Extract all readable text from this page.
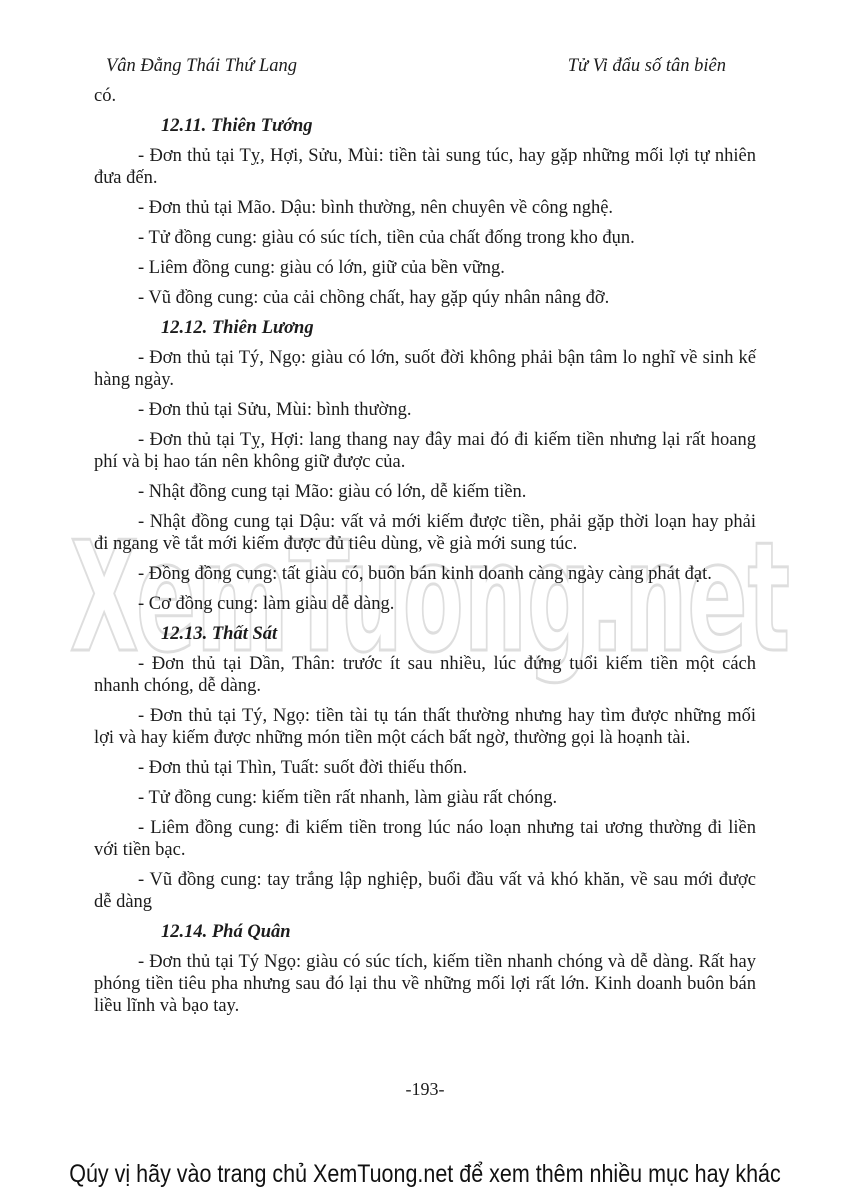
Vân Đằng Thái Thứ Lang	Tử Vi đẩu số tân biên

có.

12.11. Thiên Tướng

- Đơn thủ tại Tỵ, Hợi, Sửu, Mùi: tiền tài sung túc, hay gặp những mối lợi tự nhiên đưa đến.

- Đơn thủ tại Mão. Dậu: bình thường, nên chuyên về công nghệ.

- Tử đồng cung: giàu có súc tích, tiền của chất đống trong kho đụn.

- Liêm đồng cung: giàu có lớn, giữ của bền vững.

- Vũ đồng cung: của cải chồng chất, hay gặp qúy nhân nâng đỡ.

12.12. Thiên Lương

- Đơn thủ tại Tý, Ngọ: giàu có lớn, suốt đời không phải bận tâm lo nghĩ về sinh kế hàng ngày.

- Đơn thủ tại Sửu, Mùi: bình thường.

- Đơn thủ tại Tỵ, Hợi: lang thang nay đây mai đó đi kiếm tiền nhưng lại rất hoang phí và bị hao tán nên không giữ được của.

- Nhật đồng cung tại Mão: giàu có lớn, dễ kiếm tiền.

- Nhật đồng cung tại Dậu: vất vả mới kiếm được tiền, phải gặp thời loạn hay phải đi ngang về tắt mới kiếm được đủ tiêu dùng, về già mới sung túc.

- Đồng đồng cung: tất giàu có, buôn bán kinh doanh càng ngày càng phát đạt.

- Cơ đồng cung: làm giàu dễ dàng.

12.13. Thất Sát

- Đơn thủ tại Dần, Thân: trước ít sau nhiều, lúc đứng tuổi kiếm tiền một cách nhanh chóng, dễ dàng.

- Đơn thủ tại Tý, Ngọ: tiền tài tụ tán thất thường nhưng hay tìm được những mối lợi và hay kiếm được những món tiền một cách bất ngờ, thường gọi là hoạnh tài.

- Đơn thủ tại Thìn, Tuất: suốt đời thiếu thốn.

- Tử đồng cung: kiếm tiền rất nhanh, làm giàu rất chóng.

- Liêm đồng cung: đi kiếm tiền trong lúc náo loạn nhưng tai ương thường đi liền với tiền bạc.

- Vũ đồng cung: tay trắng lập nghiệp, buổi đầu vất vả khó khăn, về sau mới được dễ dàng

12.14. Phá Quân

- Đơn thủ tại Tý Ngọ: giàu có súc tích, kiếm tiền nhanh chóng và dễ dàng. Rất hay phóng tiền tiêu pha nhưng sau đó lại thu về những mối lợi rất lớn. Kinh doanh buôn bán liều lĩnh và bạo tay.

-193-
XemTuong.net
Qúy vị hãy vào trang chủ XemTuong.net để xem thêm nhiều mục hay khác
